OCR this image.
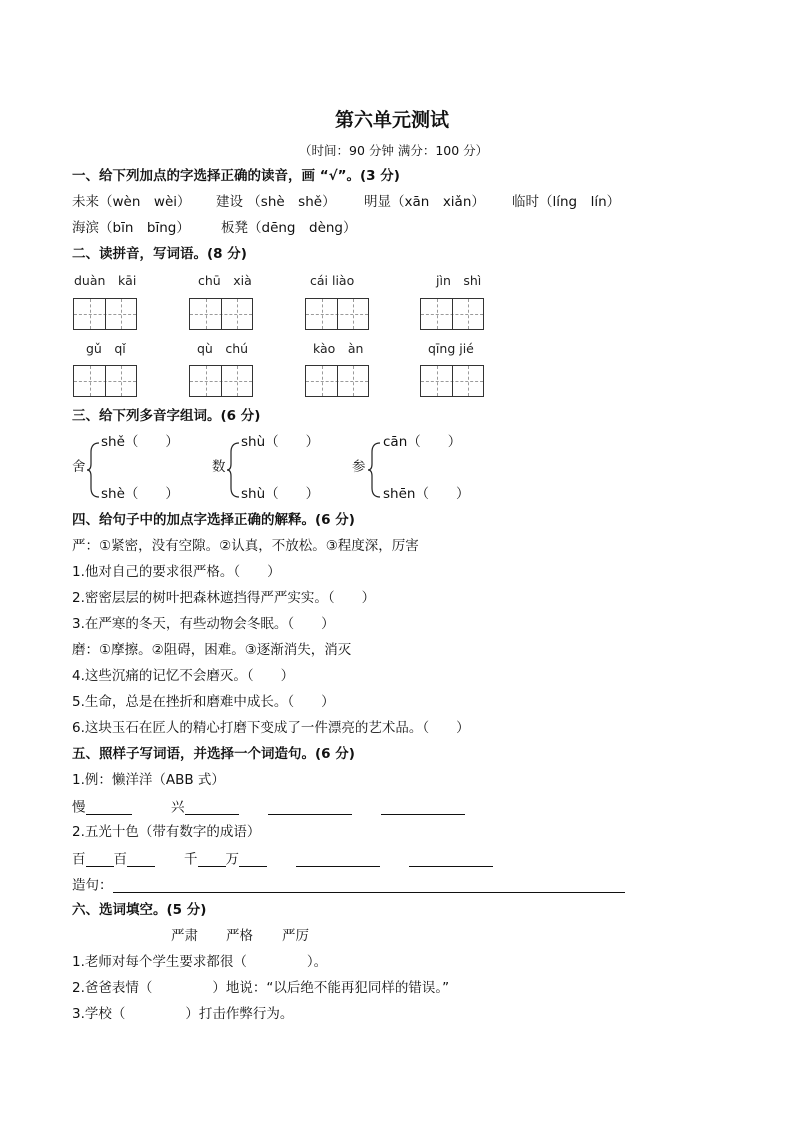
第六单元测试
（时间：90 分钟 满分：100 分）
一、给下列加点的字选择正确的读音，画 “√”。(3 分)
未来（wèn　wèi） 建设 （shè　shě） 明显（xān　xiǎn） 临时（líng　lín）
海滨（bīn　bīng） 板凳（dēng　dèng）
二、读拼音，写词语。(8 分)
duàn　kāi	chū　xià	cái liào	jìn　shì
gǔ　qǐ	qù　chú	kào　àn	qīng jié
三、给下列多音字组词。(6 分)
舍
shě（　　）
shè（　　）
数
shù（　　）
shù（　　）
参
cān（　　）
shēn（　　）
四、给句子中的加点字选择正确的解释。(6 分)
严：①紧密，没有空隙。②认真，不放松。③程度深，厉害
1.他对自己的要求很严格。（　　）
2.密密层层的树叶把森林遮挡得严严实实。（　　）
3.在严寒的冬天，有些动物会冬眠。（　　）
磨：①摩擦。②阻碍，困难。③逐渐消失，消灭
4.这些沉痛的记忆不会磨灭。（　　）
5.生命，总是在挫折和磨难中成长。（　　）
6.这块玉石在匠人的精心打磨下变成了一件漂亮的艺术品。（　　）
五、照样子写词语，并选择一个词造句。(6 分)
1.例：懒洋洋（ABB 式）
慢	兴
2.五光十色（带有数字的成语）
百 百	千 万
造句：
六、选词填空。(5 分)
严肃 严格 严厉
1.老师对每个学生要求都很（	）。
2.爸爸表情（	）地说：“以后绝不能再犯同样的错误。”
3.学校（	）打击作弊行为。
